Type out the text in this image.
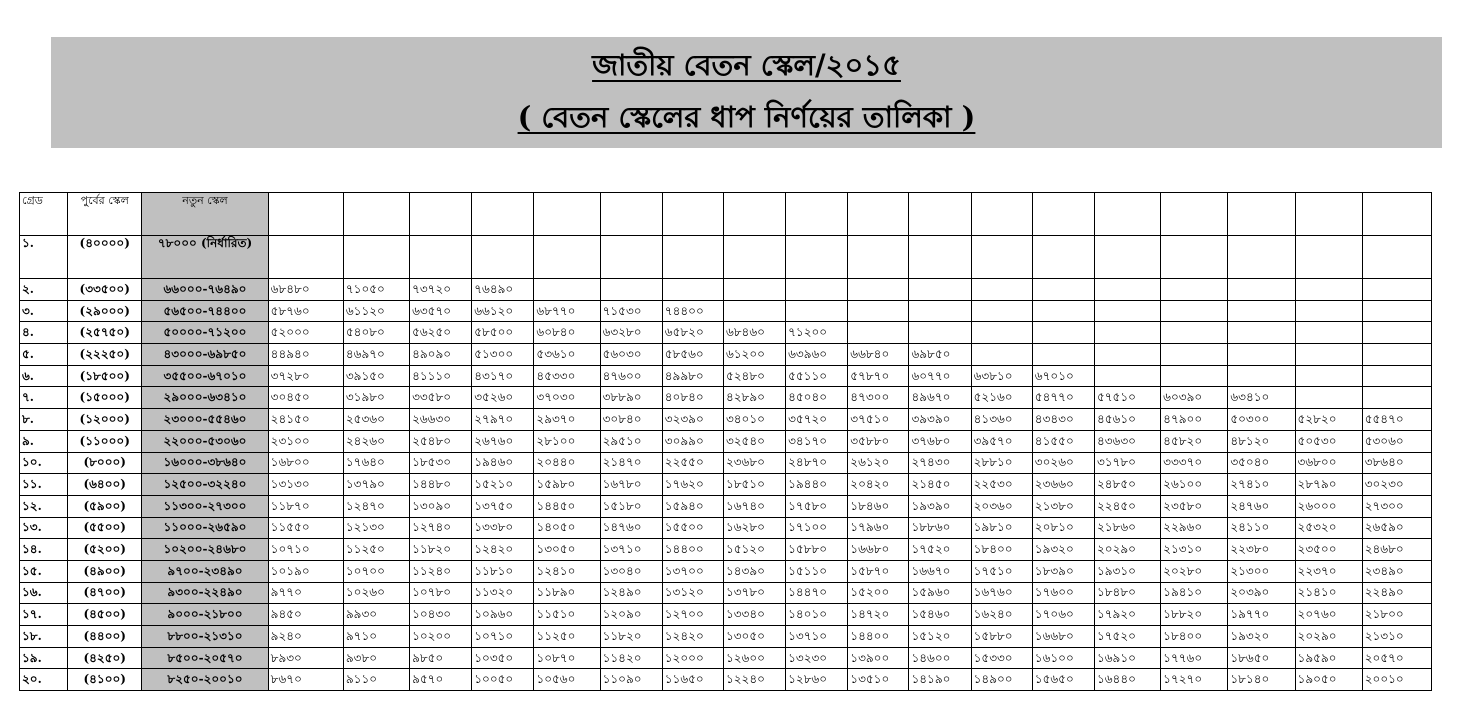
জাতীয় বেতন স্কেল/২০১৫
( বেতন স্কেলের ধাপ নির্ণয়ের তালিকা )
গ্রেড	পুর্বের স্কেল	নতুন স্কেল																		
১.	(৪০০০০)	৭৮০০০ (নির্ধারিত)																		
২.	(৩৩৫০০)	৬৬০০০-৭৬৪৯০	৬৮৪৮০	৭১০৫০	৭৩৭২০	৭৬৪৯০														
৩.	(২৯০০০)	৫৬৫০০-৭৪৪০০	৫৮৭৬০	৬১১২০	৬৩৫৭০	৬৬১২০	৬৮৭৭০	৭১৫৩০	৭৪৪০০											
৪.	(২৫৭৫০)	৫০০০০-৭১২০০	৫২০০০	৫৪০৮০	৫৬২৫০	৫৮৫০০	৬০৮৪০	৬৩২৮০	৬৫৮২০	৬৮৪৬০	৭১২০০									
৫.	(২২২৫০)	৪৩০০০-৬৯৮৫০	৪৪৯৪০	৪৬৯৭০	৪৯০৯০	৫১৩০০	৫৩৬১০	৫৬০৩০	৫৮৫৬০	৬১২০০	৬৩৯৬০	৬৬৮৪০	৬৯৮৫০							
৬.	(১৮৫০০)	৩৫৫০০-৬৭০১০	৩৭২৮০	৩৯১৫০	৪১১১০	৪৩১৭০	৪৫৩৩০	৪৭৬০০	৪৯৯৮০	৫২৪৮০	৫৫১১০	৫৭৮৭০	৬০৭৭০	৬৩৮১০	৬৭০১০					
৭.	(১৫০০০)	২৯০০০-৬৩৪১০	৩০৪৫০	৩১৯৮০	৩৩৫৮০	৩৫২৬০	৩৭০৩০	৩৮৮৯০	৪০৮৪০	৪২৮৯০	৪৫০৪০	৪৭৩০০	৪৯৬৭০	৫২১৬০	৫৪৭৭০	৫৭৫১০	৬০৩৯০	৬৩৪১০		
৮.	(১২০০০)	২৩০০০-৫৫৪৬০	২৪১৫০	২৫৩৬০	২৬৬৩০	২৭৯৭০	২৯৩৭০	৩০৮৪০	৩২৩৯০	৩৪০১০	৩৫৭২০	৩৭৫১০	৩৯৩৯০	৪১৩৬০	৪৩৪৩০	৪৫৬১০	৪৭৯০০	৫০৩০০	৫২৮২০	৫৫৪৭০
৯.	(১১০০০)	২২০০০-৫৩০৬০	২৩১০০	২৪২৬০	২৫৪৮০	২৬৭৬০	২৮১০০	২৯৫১০	৩০৯৯০	৩২৫৪০	৩৪১৭০	৩৫৮৮০	৩৭৬৮০	৩৯৫৭০	৪১৫৫০	৪৩৬৩০	৪৫৮২০	৪৮১২০	৫০৫৩০	৫৩০৬০
১০.	(৮০০০)	১৬০০০-৩৮৬৪০	১৬৮০০	১৭৬৪০	১৮৫৩০	১৯৪৬০	২০৪৪০	২১৪৭০	২২৫৫০	২৩৬৮০	২৪৮৭০	২৬১২০	২৭৪৩০	২৮৮১০	৩০২৬০	৩১৭৮০	৩৩৩৭০	৩৫০৪০	৩৬৮০০	৩৮৬৪০
১১.	(৬৪০০)	১২৫০০-৩২২৪০	১৩১৩০	১৩৭৯০	১৪৪৮০	১৫২১০	১৫৯৮০	১৬৭৮০	১৭৬২০	১৮৫১০	১৯৪৪০	২০৪২০	২১৪৫০	২২৫৩০	২৩৬৬০	২৪৮৫০	২৬১০০	২৭৪১০	২৮৭৯০	৩০২৩০
১২.	(৫৯০০)	১১৩০০-২৭৩০০	১১৮৭০	১২৪৭০	১৩০৯০	১৩৭৫০	১৪৪৫০	১৫১৮০	১৫৯৪০	১৬৭৪০	১৭৫৮০	১৮৪৬০	১৯৩৯০	২০৩৬০	২১৩৮০	২২৪৫০	২৩৫৮০	২৪৭৬০	২৬০০০	২৭৩০০
১৩.	(৫৫০০)	১১০০০-২৬৫৯০	১১৫৫০	১২১৩০	১২৭৪০	১৩৩৮০	১৪০৫০	১৪৭৬০	১৫৫০০	১৬২৮০	১৭১০০	১৭৯৬০	১৮৮৬০	১৯৮১০	২০৮১০	২১৮৬০	২২৯৬০	২৪১১০	২৫৩২০	২৬৫৯০
১৪.	(৫২০০)	১০২০০-২৪৬৮০	১০৭১০	১১২৫০	১১৮২০	১২৪২০	১৩০৫০	১৩৭১০	১৪৪০০	১৫১২০	১৫৮৮০	১৬৬৮০	১৭৫২০	১৮৪০০	১৯৩২০	২০২৯০	২১৩১০	২২৩৮০	২৩৫০০	২৪৬৮০
১৫.	(৪৯০০)	৯৭০০-২৩৪৯০	১০১৯০	১০৭০০	১১২৪০	১১৮১০	১২৪১০	১৩০৪০	১৩৭০০	১৪৩৯০	১৫১১০	১৫৮৭০	১৬৬৭০	১৭৫১০	১৮৩৯০	১৯৩১০	২০২৮০	২১৩০০	২২৩৭০	২৩৪৯০
১৬.	(৪৭০০)	৯৩০০-২২৪৯০	৯৭৭০	১০২৬০	১০৭৮০	১১৩২০	১১৮৯০	১২৪৯০	১৩১২০	১৩৭৮০	১৪৪৭০	১৫২০০	১৫৯৬০	১৬৭৬০	১৭৬০০	১৮৪৮০	১৯৪১০	২০৩৯০	২১৪১০	২২৪৯০
১৭.	(৪৫০০)	৯০০০-২১৮০০	৯৪৫০	৯৯৩০	১০৪৩০	১০৯৬০	১১৫১০	১২০৯০	১২৭০০	১৩৩৪০	১৪০১০	১৪৭২০	১৫৪৬০	১৬২৪০	১৭০৬০	১৭৯২০	১৮৮২০	১৯৭৭০	২০৭৬০	২১৮০০
১৮.	(৪৪০০)	৮৮০০-২১৩১০	৯২৪০	৯৭১০	১০২০০	১০৭১০	১১২৫০	১১৮২০	১২৪২০	১৩০৫০	১৩৭১০	১৪৪০০	১৫১২০	১৫৮৮০	১৬৬৮০	১৭৫২০	১৮৪০০	১৯৩২০	২০২৯০	২১৩১০
১৯.	(৪২৫০)	৮৫০০-২০৫৭০	৮৯৩০	৯৩৮০	৯৮৫০	১০৩৫০	১০৮৭০	১১৪২০	১২০০০	১২৬০০	১৩২৩০	১৩৯০০	১৪৬০০	১৫৩৩০	১৬১০০	১৬৯১০	১৭৭৬০	১৮৬৫০	১৯৫৯০	২০৫৭০
২০.	(৪১০০)	৮২৫০-২০০১০	৮৬৭০	৯১১০	৯৫৭০	১০০৫০	১০৫৬০	১১০৯০	১১৬৫০	১২২৪০	১২৮৬০	১৩৫১০	১৪১৯০	১৪৯০০	১৫৬৫০	১৬৪৪০	১৭২৭০	১৮১৪০	১৯০৫০	২০০১০
